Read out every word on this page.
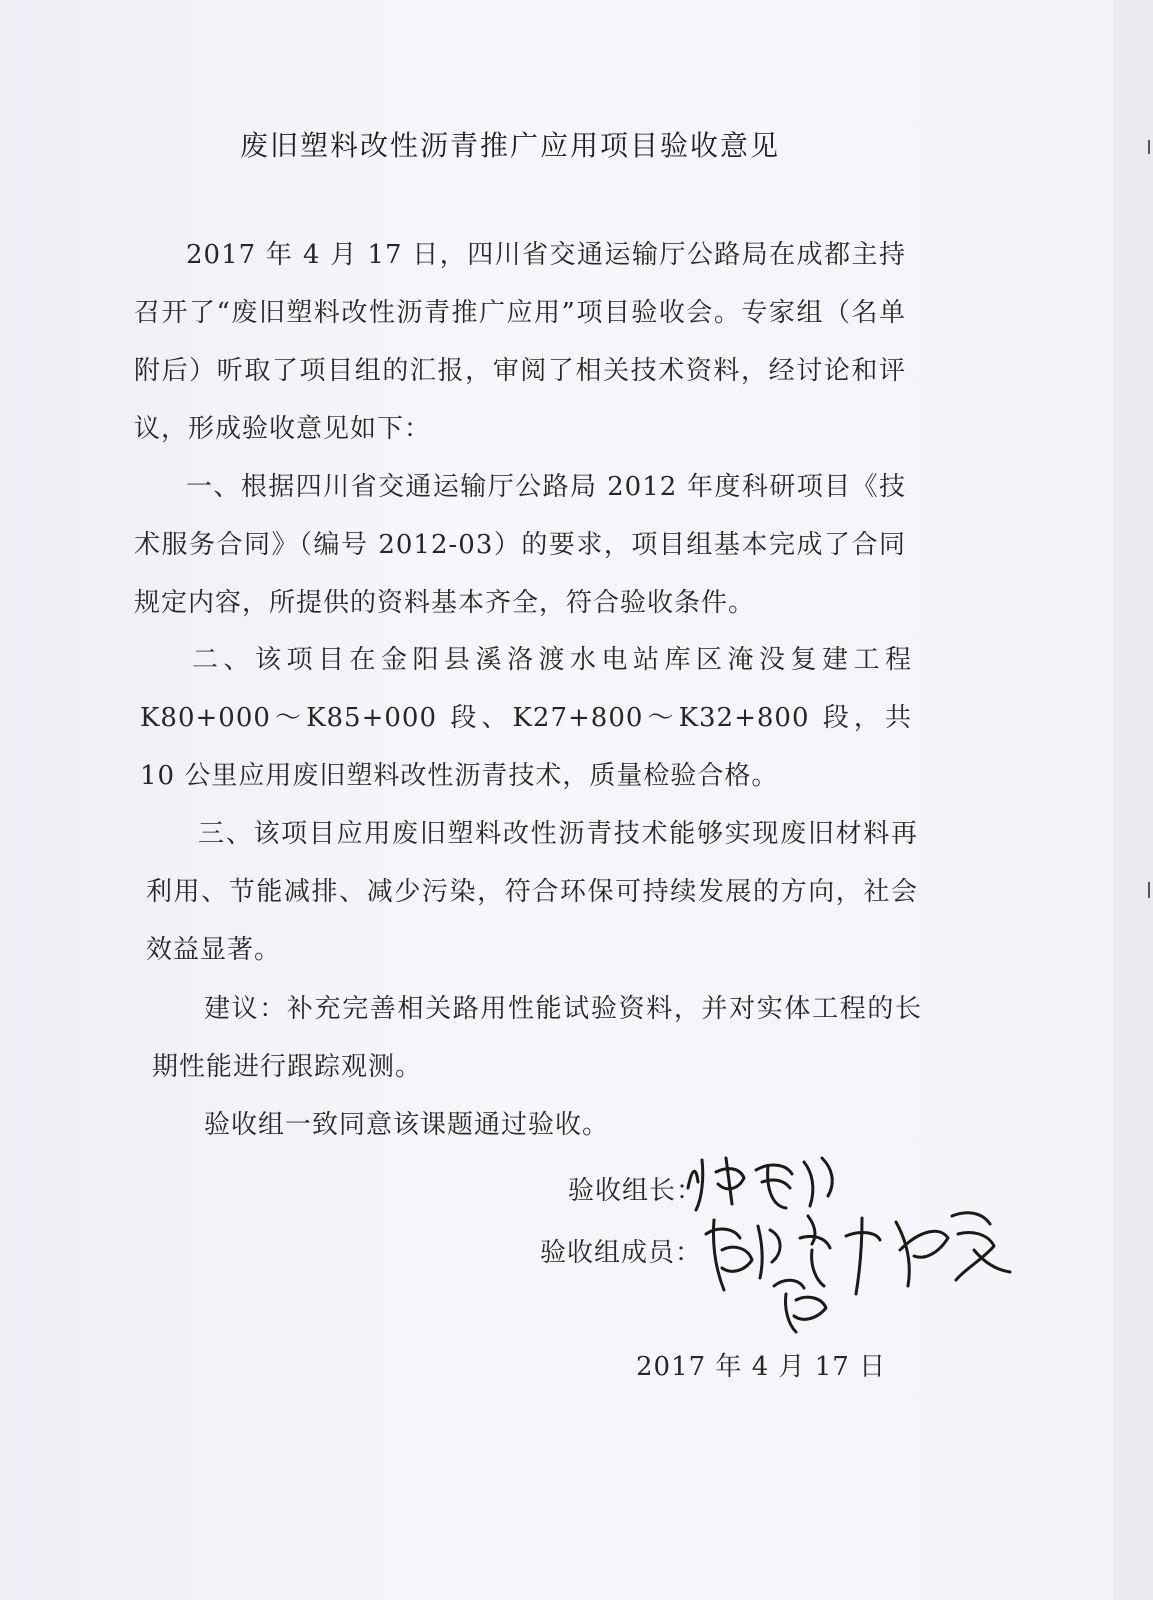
废旧塑料改性沥青推广应用项目验收意见

2017 年 4 月 17 日，四川省交通运输厅公路局在成都主持召开了“废旧塑料改性沥青推广应用”项目验收会。专家组（名单附后）听取了项目组的汇报，审阅了相关技术资料，经讨论和评议，形成验收意见如下：

一、根据四川省交通运输厅公路局 2012 年度科研项目《技术服务合同》（编号 2012-03）的要求，项目组基本完成了合同规定内容，所提供的资料基本齐全，符合验收条件。

二、该项目在金阳县溪洛渡水电站库区淹没复建工程 K80+000～K85+000 段、K27+800～K32+800 段，共 10 公里应用废旧塑料改性沥青技术，质量检验合格。

三、该项目应用废旧塑料改性沥青技术能够实现废旧材料再利用、节能减排、减少污染，符合环保可持续发展的方向，社会效益显著。

建议：补充完善相关路用性能试验资料，并对实体工程的长期性能进行跟踪观测。

验收组一致同意该课题通过验收。

验收组长：
验收组成员：
2017 年 4 月 17 日
